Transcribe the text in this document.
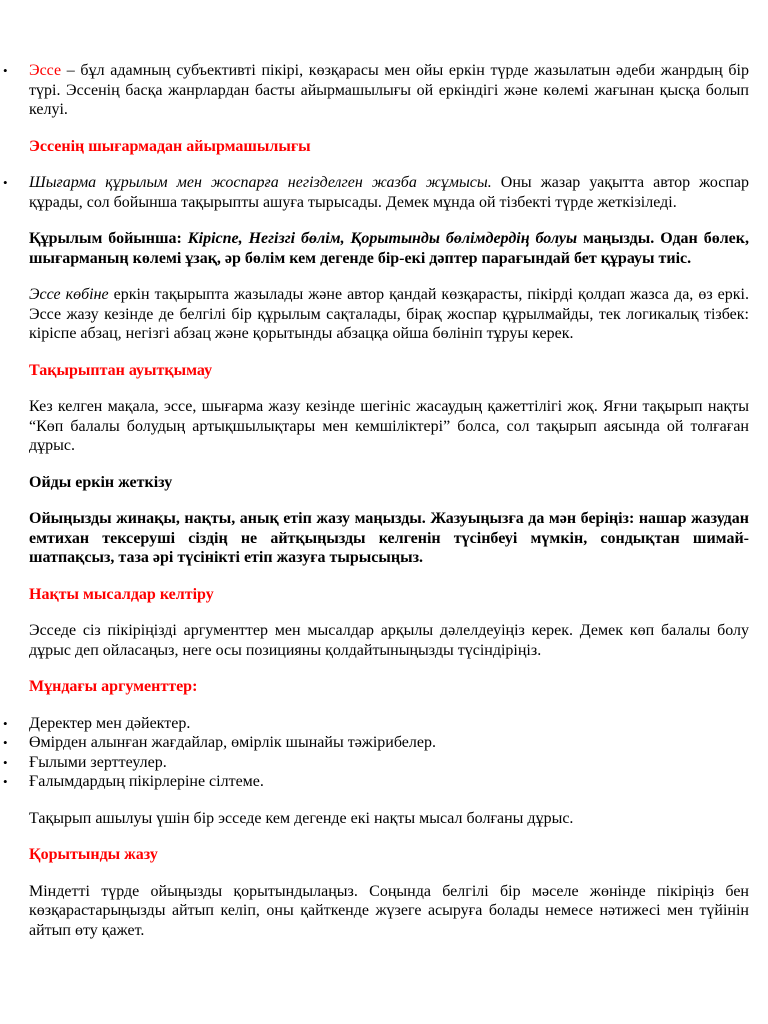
• Эссе – бұл адамның субъективті пікірі, көзқарасы мен ойы еркін түрде жазылатын әдеби жанрдың бір түрі. Эссенің басқа жанрлардан басты айырмашылығы ой еркіндігі және көлемі жағынан қысқа болып келуі.

Эссенің шығармадан айырмашылығы

• Шығарма құрылым мен жоспарға негізделген жазба жұмысы. Оны жазар уақытта автор жоспар құрады, сол бойынша тақырыпты ашуға тырысады. Демек мұнда ой тізбекті түрде жеткізіледі.

Құрылым бойынша: Кіріспе, Негізгі бөлім, Қорытынды бөлімдердің болуы маңызды. Одан бөлек, шығарманың көлемі ұзақ, әр бөлім кем дегенде бір-екі дәптер парағындай бет құрауы тиіс.

Эссе көбіне еркін тақырыпта жазылады және автор қандай көзқарасты, пікірді қолдап жазса да, өз еркі. Эссе жазу кезінде де белгілі бір құрылым сақталады, бірақ жоспар құрылмайды, тек логикалық тізбек: кіріспе абзац, негізгі абзац және қорытынды абзацқа ойша бөлініп тұруы керек.

Тақырыптан ауытқымау

Кез келген мақала, эссе, шығарма жазу кезінде шегініс жасаудың қажеттілігі жоқ. Яғни тақырып нақты “Көп балалы болудың артықшылықтары мен кемшіліктері” болса, сол тақырып аясында ой толғаған дұрыс.

Ойды еркін жеткізу

Ойыңызды жинақы, нақты, анық етіп жазу маңызды. Жазуыңызға да мән беріңіз: нашар жазудан емтихан тексеруші сіздің не айтқыңызды келгенін түсінбеуі мүмкін, сондықтан шимай-шатпақсыз, таза әрі түсінікті етіп жазуға тырысыңыз.

Нақты мысалдар келтіру

Эсседе сіз пікіріңізді аргументтер мен мысалдар арқылы дәлелдеуіңіз керек. Демек көп балалы болу дұрыс деп ойласаңыз, неге осы позицияны қолдайтыныңызды түсіндіріңіз.

Мұндағы аргументтер:

• Деректер мен дәйектер.
• Өмірден алынған жағдайлар, өмірлік шынайы тәжірибелер.
• Ғылыми зерттеулер.
• Ғалымдардың пікірлеріне сілтеме.

Тақырып ашылуы үшін бір эсседе кем дегенде екі нақты мысал болғаны дұрыс.

Қорытынды жазу

Міндетті түрде ойыңызды қорытындылаңыз. Соңында белгілі бір мәселе жөнінде пікіріңіз бен көзқарастарыңызды айтып келіп, оны қайткенде жүзеге асыруға болады немесе нәтижесі мен түйінін айтып өту қажет.
